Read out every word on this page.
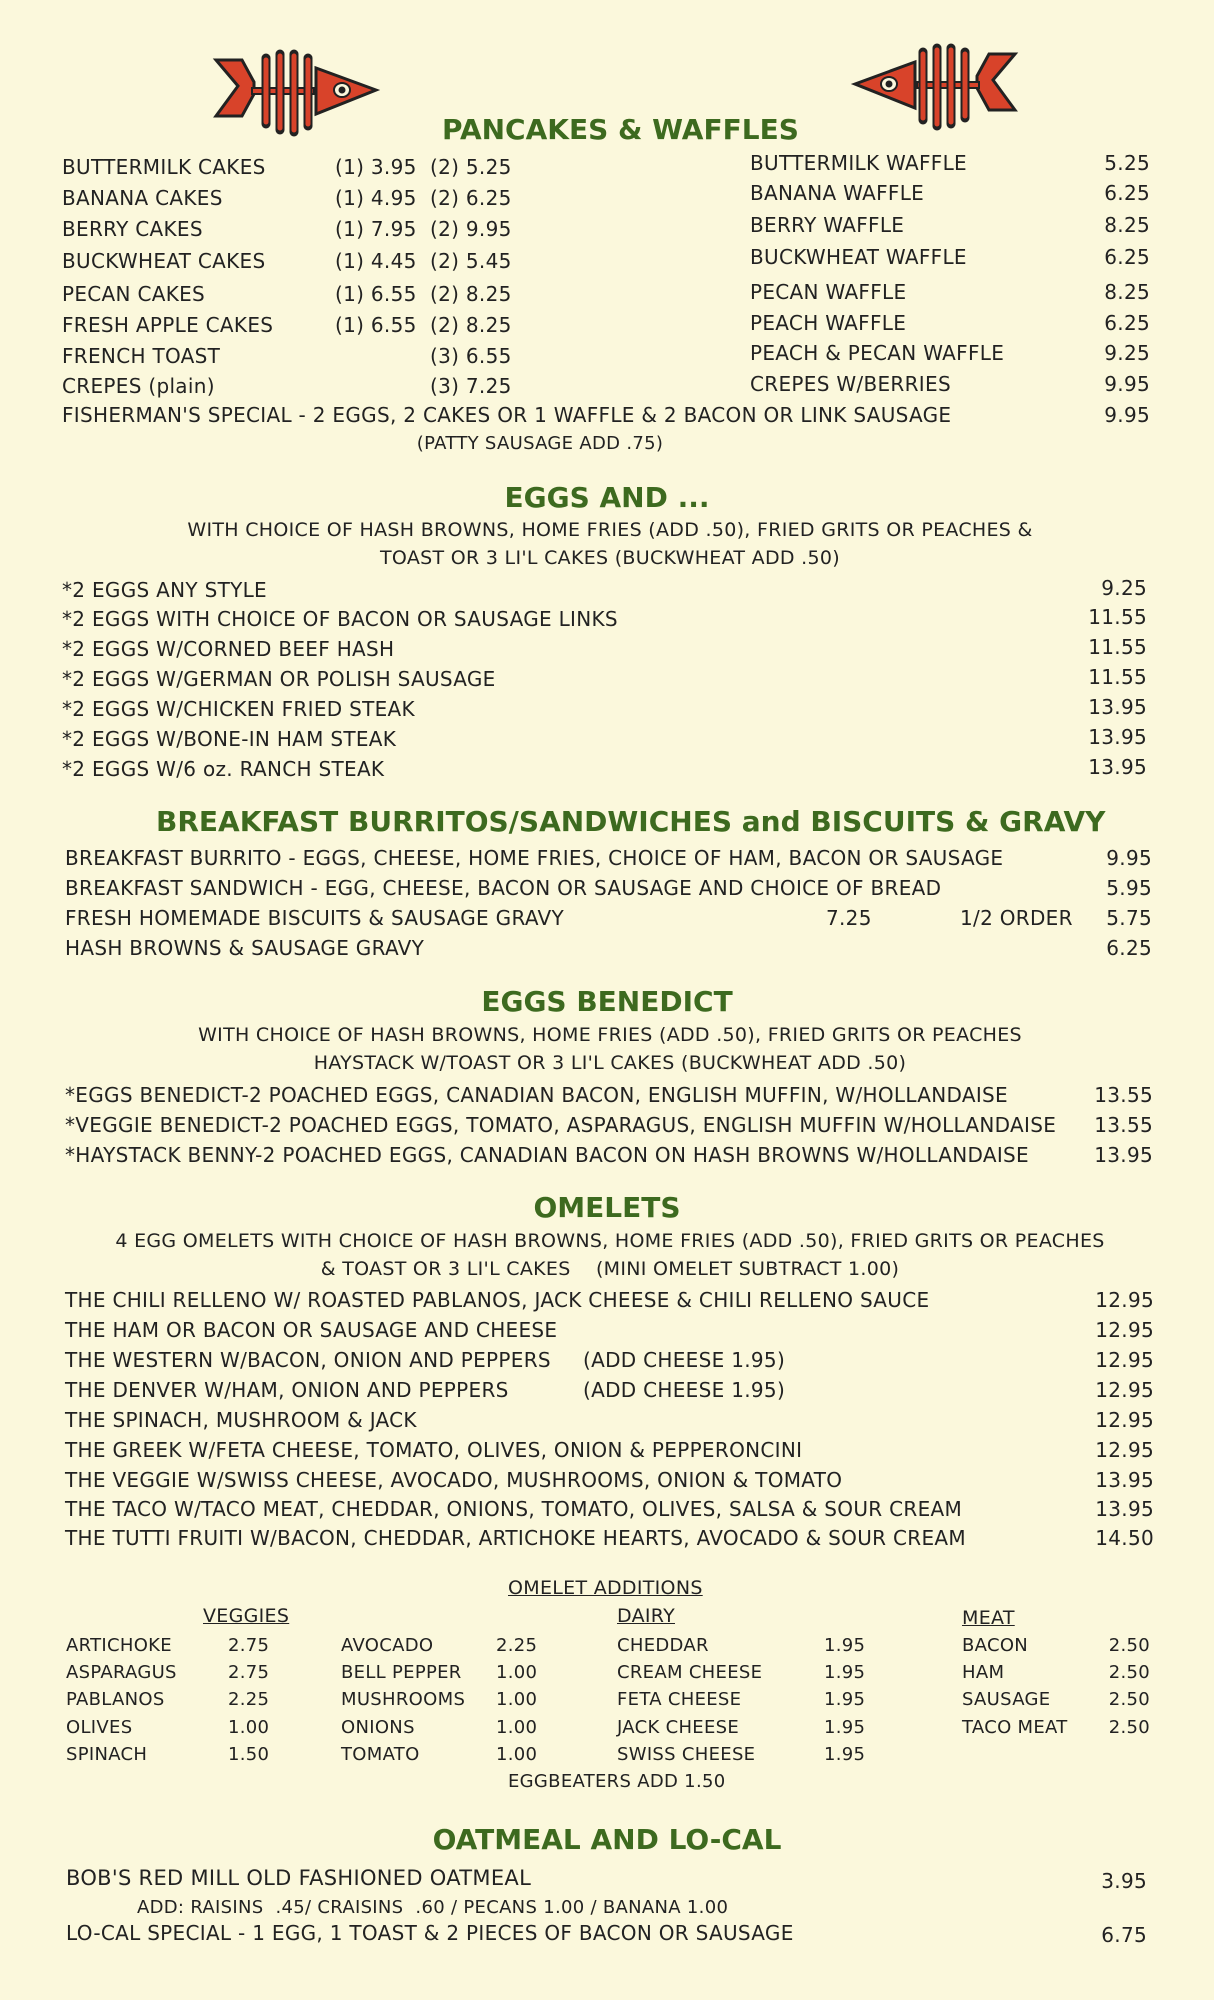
PANCAKES & WAFFLES
BUTTERMILK CAKES	(1) 3.95 (2) 5.25
BANANA CAKES	(1) 4.95 (2) 6.25
BERRY CAKES	(1) 7.95 (2) 9.95
BUCKWHEAT CAKES	(1) 4.45 (2) 5.45
PECAN CAKES	(1) 6.55 (2) 8.25
FRESH APPLE CAKES	(1) 6.55 (2) 8.25
FRENCH TOAST	(3) 6.55
CREPES (plain)	(3) 7.25
BUTTERMILK WAFFLE	5.25
BANANA WAFFLE	6.25
BERRY WAFFLE	8.25
BUCKWHEAT WAFFLE	6.25
PECAN WAFFLE	8.25
PEACH WAFFLE	6.25
PEACH & PECAN WAFFLE	9.25
CREPES W/BERRIES	9.95
FISHERMAN'S SPECIAL - 2 EGGS, 2 CAKES OR 1 WAFFLE & 2 BACON OR LINK SAUSAGE	9.95
(PATTY SAUSAGE ADD .75)
EGGS AND ...
WITH CHOICE OF HASH BROWNS, HOME FRIES (ADD .50), FRIED GRITS OR PEACHES &
TOAST OR 3 LI'L CAKES (BUCKWHEAT ADD .50)
*2 EGGS ANY STYLE	9.25
*2 EGGS WITH CHOICE OF BACON OR SAUSAGE LINKS	11.55
*2 EGGS W/CORNED BEEF HASH	11.55
*2 EGGS W/GERMAN OR POLISH SAUSAGE	11.55
*2 EGGS W/CHICKEN FRIED STEAK	13.95
*2 EGGS W/BONE-IN HAM STEAK	13.95
*2 EGGS W/6 oz. RANCH STEAK	13.95
BREAKFAST BURRITOS/SANDWICHES and BISCUITS & GRAVY
BREAKFAST BURRITO - EGGS, CHEESE, HOME FRIES, CHOICE OF HAM, BACON OR SAUSAGE	9.95
BREAKFAST SANDWICH - EGG, CHEESE, BACON OR SAUSAGE AND CHOICE OF BREAD	5.95
FRESH HOMEMADE BISCUITS & SAUSAGE GRAVY	7.25	1/2 ORDER	5.75
HASH BROWNS & SAUSAGE GRAVY	6.25
EGGS BENEDICT
WITH CHOICE OF HASH BROWNS, HOME FRIES (ADD .50), FRIED GRITS OR PEACHES
HAYSTACK W/TOAST OR 3 LI'L CAKES (BUCKWHEAT ADD .50)
*EGGS BENEDICT-2 POACHED EGGS, CANADIAN BACON, ENGLISH MUFFIN, W/HOLLANDAISE	13.55
*VEGGIE BENEDICT-2 POACHED EGGS, TOMATO, ASPARAGUS, ENGLISH MUFFIN W/HOLLANDAISE	13.55
*HAYSTACK BENNY-2 POACHED EGGS, CANADIAN BACON ON HASH BROWNS W/HOLLANDAISE	13.95
OMELETS
4 EGG OMELETS WITH CHOICE OF HASH BROWNS, HOME FRIES (ADD .50), FRIED GRITS OR PEACHES
& TOAST OR 3 LI'L CAKES    (MINI OMELET SUBTRACT 1.00)
THE CHILI RELLENO W/ ROASTED PABLANOS, JACK CHEESE & CHILI RELLENO SAUCE	12.95
THE HAM OR BACON OR SAUSAGE AND CHEESE	12.95
THE WESTERN W/BACON, ONION AND PEPPERS (ADD CHEESE 1.95)	12.95
THE DENVER W/HAM, ONION AND PEPPERS	(ADD CHEESE 1.95)	12.95
THE SPINACH, MUSHROOM & JACK	12.95
THE GREEK W/FETA CHEESE, TOMATO, OLIVES, ONION & PEPPERONCINI	12.95
THE VEGGIE W/SWISS CHEESE, AVOCADO, MUSHROOMS, ONION & TOMATO	13.95
THE TACO W/TACO MEAT, CHEDDAR, ONIONS, TOMATO, OLIVES, SALSA & SOUR CREAM	13.95
THE TUTTI FRUITI W/BACON, CHEDDAR, ARTICHOKE HEARTS, AVOCADO & SOUR CREAM	14.50
OMELET ADDITIONS
VEGGIES	DAIRY	MEAT
ARTICHOKE	2.75
ASPARAGUS	2.75
PABLANOS	2.25
OLIVES	1.00
SPINACH	1.50
AVOCADO	2.25
BELL PEPPER 1.00
MUSHROOMS 1.00
ONIONS	1.00
TOMATO	1.00
CHEDDAR	1.95
CREAM CHEESE	1.95
FETA CHEESE	1.95
JACK CHEESE	1.95
SWISS CHEESE	1.95
BACON	2.50
HAM	2.50
SAUSAGE	2.50
TACO MEAT	2.50
EGGBEATERS ADD 1.50
OATMEAL AND LO-CAL
BOB'S RED MILL OLD FASHIONED OATMEAL	3.95
ADD: RAISINS  .45/ CRAISINS  .60 / PECANS 1.00 / BANANA 1.00
LO-CAL SPECIAL - 1 EGG, 1 TOAST & 2 PIECES OF BACON OR SAUSAGE	6.75
